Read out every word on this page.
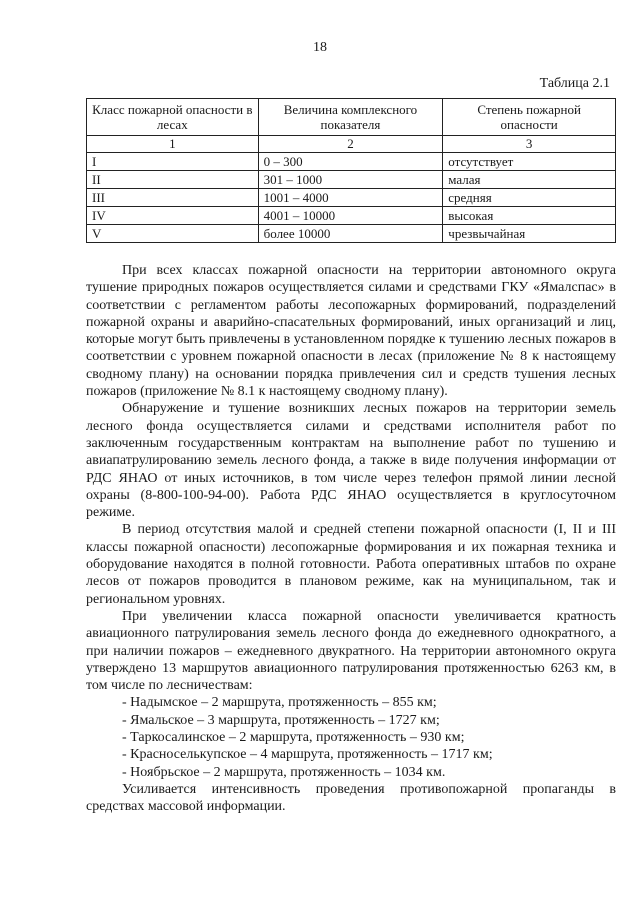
18
Таблица 2.1
Класс пожарной опасности в лесах	Величина комплексного показателя	Степень пожарной опасности
1	2	3
I	0 – 300	отсутствует
II	301 – 1000	малая
III	1001 – 4000	средняя
IV	4001 – 10000	высокая
V	более 10000	чрезвычайная

При всех классах пожарной опасности на территории автономного округа тушение природных пожаров осуществляется силами и средствами ГКУ «Ямалспас» в соответствии с регламентом работы лесопожарных формирований, подразделений пожарной охраны и аварийно-спасательных формирований, иных организаций и лиц, которые могут быть привлечены в установленном порядке к тушению лесных пожаров в соответствии с уровнем пожарной опасности в лесах (приложение № 8 к настоящему сводному плану) на основании порядка привлечения сил и средств тушения лесных пожаров (приложение № 8.1 к настоящему сводному плану).

Обнаружение и тушение возникших лесных пожаров на территории земель лесного фонда осуществляется силами и средствами исполнителя работ по заключенным государственным контрактам на выполнение работ по тушению и авиапатрулированию земель лесного фонда, а также в виде получения информации от РДС ЯНАО от иных источников, в том числе через телефон прямой линии лесной охраны (8-800-100-94-00). Работа РДС ЯНАО осуществляется в круглосуточном режиме.

В период отсутствия малой и средней степени пожарной опасности (I, II и III классы пожарной опасности) лесопожарные формирования и их пожарная техника и оборудование находятся в полной готовности. Работа оперативных штабов по охране лесов от пожаров проводится в плановом режиме, как на муниципальном, так и региональном уровнях.

При увеличении класса пожарной опасности увеличивается кратность авиационного патрулирования земель лесного фонда до ежедневного однократного, а при наличии пожаров – ежедневного двукратного. На территории автономного округа утверждено 13 маршрутов авиационного патрулирования протяженностью 6263 км, в том числе по лесничествам:

- Надымское – 2 маршрута, протяженность – 855 км;

- Ямальское – 3 маршрута, протяженность – 1727 км;

- Таркосалинское – 2 маршрута, протяженность – 930 км;

- Красноселькупское – 4 маршрута, протяженность – 1717 км;

- Ноябрьское – 2 маршрута, протяженность – 1034 км.

Усиливается интенсивность проведения противопожарной пропаганды в средствах массовой информации.
